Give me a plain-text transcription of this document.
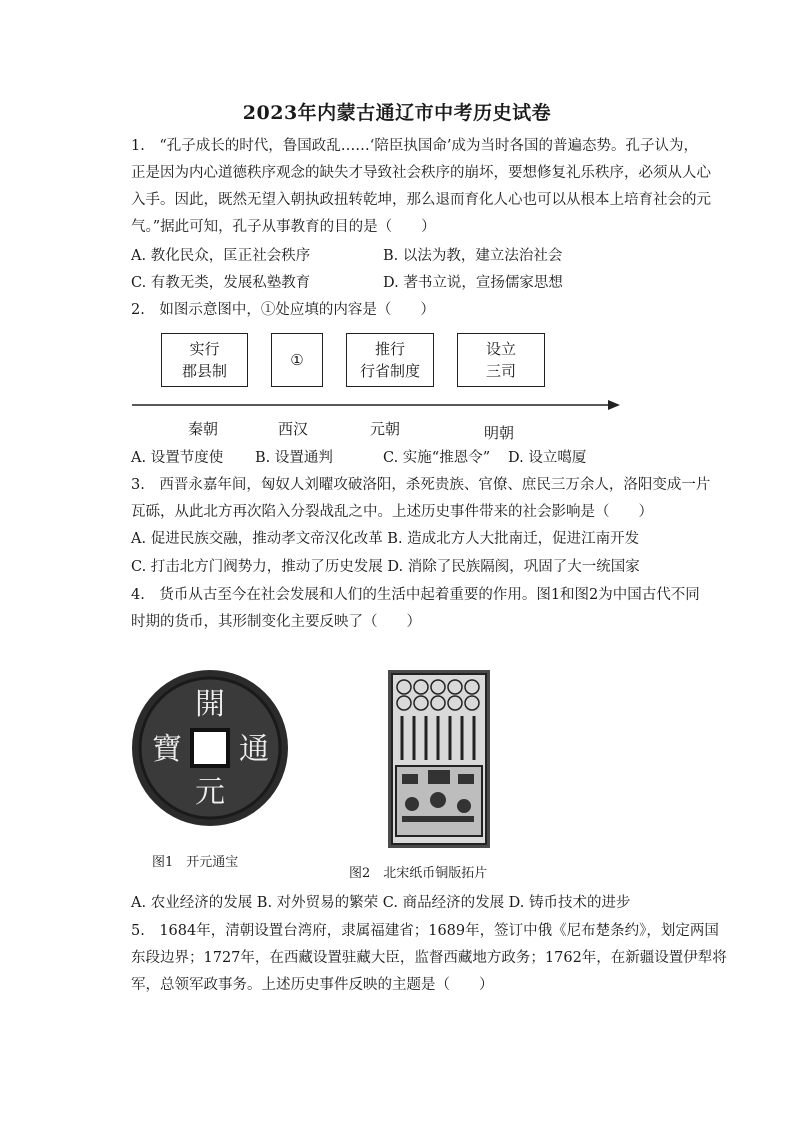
2023年内蒙古通辽市中考历史试卷
1.　“孔子成长的时代，鲁国政乱……‘陪臣执国命’成为当时各国的普遍态势。孔子认为，
正是因为内心道德秩序观念的缺失才导致社会秩序的崩坏，要想修复礼乐秩序，必须从人心
入手。因此，既然无望入朝执政扭转乾坤，那么退而育化人心也可以从根本上培育社会的元
气。”据此可知，孔子从事教育的目的是（　　）
A. 教化民众，匡正社会秩序	B. 以法为教，建立法治社会
C. 有教无类，发展私塾教育	D. 著书立说，宣扬儒家思想
2.　如图示意图中，①处应填的内容是（　　）
实行
郡县制
①
推行
行省制度
设立
三司
秦朝	西汉	元朝	明朝
A. 设置节度使 B. 设置通判	C. 实施“推恩令” D. 设立噶厦
3.　西晋永嘉年间，匈奴人刘曜攻破洛阳，杀死贵族、官僚、庶民三万余人，洛阳变成一片
瓦砾，从此北方再次陷入分裂战乱之中。上述历史事件带来的社会影响是（　　）
A. 促进民族交融，推动孝文帝汉化改革 B. 造成北方人大批南迁，促进江南开发
C. 打击北方门阀势力，推动了历史发展 D. 消除了民族隔阂，巩固了大一统国家
4.　货币从古至今在社会发展和人们的生活中起着重要的作用。图1和图2为中国古代不同
时期的货币，其形制变化主要反映了（　　）
開
元
通
寶
图1　开元通宝
图2　北宋纸币铜版拓片
A. 农业经济的发展 B. 对外贸易的繁荣 C. 商品经济的发展 D. 铸币技术的进步
5.　1684年，清朝设置台湾府，隶属福建省；1689年，签订中俄《尼布楚条约》，划定两国
东段边界；1727年，在西藏设置驻藏大臣，监督西藏地方政务；1762年，在新疆设置伊犁将
军，总领军政事务。上述历史事件反映的主题是（　　）
